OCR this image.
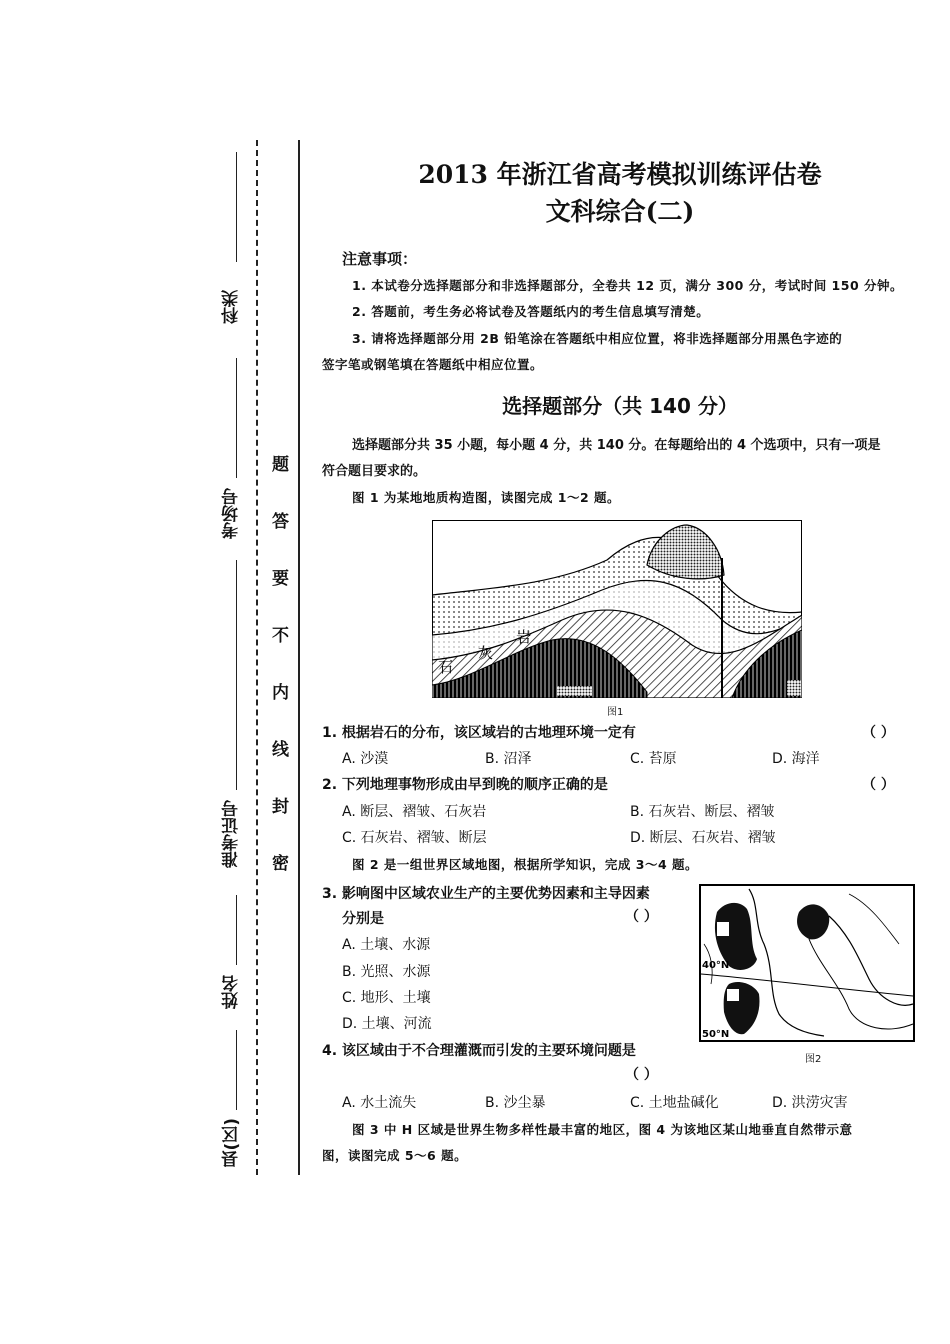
科类
考场号
准考证号
姓名
县(区)
题
答
要
不
内
线
封
密
2013 年浙江省高考模拟训练评估卷
文科综合(二)
注意事项：
1. 本试卷分选择题部分和非选择题部分，全卷共 12 页，满分 300 分，考试时间 150 分钟。
2. 答题前，考生务必将试卷及答题纸内的考生信息填写清楚。
3. 请将选择题部分用 2B 铅笔涂在答题纸中相应位置，将非选择题部分用黑色字迹的
签字笔或钢笔填在答题纸中相应位置。
选择题部分（共 140 分）
选择题部分共 35 小题，每小题 4 分，共 140 分。在每题给出的 4 个选项中，只有一项是
符合题目要求的。
图 1 为某地地质构造图，读图完成 1～2 题。
石
灰
岩
图1
1. 根据岩石的分布，该区域岩的古地理环境一定有	（ ）
A. 沙漠	B. 沼泽	C. 苔原	D. 海洋
2. 下列地理事物形成由早到晚的顺序正确的是	（ ）
A. 断层、褶皱、石灰岩	B. 石灰岩、断层、褶皱
C. 石灰岩、褶皱、断层	D. 断层、石灰岩、褶皱
图 2 是一组世界区域地图，根据所学知识，完成 3～4 题。
3. 影响图中区域农业生产的主要优势因素和主导因素
分别是	（ ）
A. 土壤、水源
B. 光照、水源
C. 地形、土壤
D. 土壤、河流
40°N
50°N
图2
4. 该区域由于不合理灌溉而引发的主要环境问题是
（ ）
A. 水土流失	B. 沙尘暴	C. 土地盐碱化	D. 洪涝灾害
图 3 中 H 区域是世界生物多样性最丰富的地区，图 4 为该地区某山地垂直自然带示意
图，读图完成 5～6 题。
